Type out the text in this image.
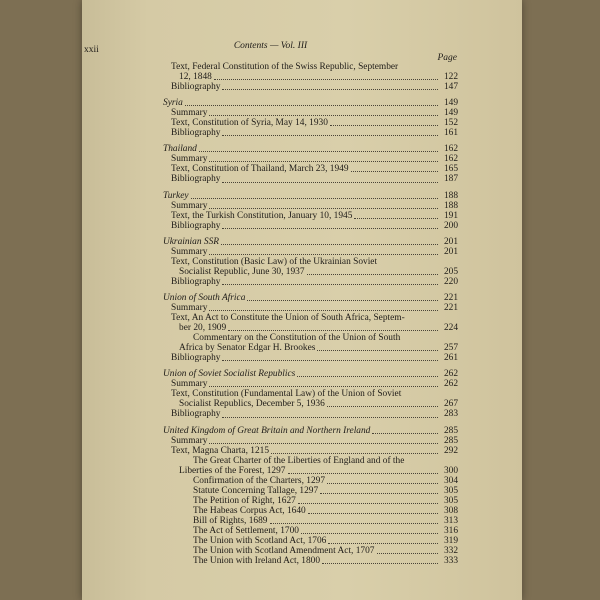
xxii	Contents — Vol. III
Page
Text, Federal Constitution of the Swiss Republic, September
12, 1848	122
Bibliography	147
Syria	149
Summary	149
Text, Constitution of Syria, May 14, 1930	152
Bibliography	161
Thailand	162
Summary	162
Text, Constitution of Thailand, March 23, 1949	165
Bibliography	187
Turkey	188
Summary	188
Text, the Turkish Constitution, January 10, 1945	191
Bibliography	200
Ukrainian SSR	201
Summary	201
Text, Constitution (Basic Law) of the Ukrainian Soviet
Socialist Republic, June 30, 1937	205
Bibliography	220
Union of South Africa	221
Summary	221
Text, An Act to Constitute the Union of South Africa, Septem-
ber 20, 1909	224
Commentary on the Constitution of the Union of South
Africa by Senator Edgar H. Brookes	257
Bibliography	261
Union of Soviet Socialist Republics	262
Summary	262
Text, Constitution (Fundamental Law) of the Union of Soviet
Socialist Republics, December 5, 1936	267
Bibliography	283
United Kingdom of Great Britain and Northern Ireland	285
Summary	285
Text, Magna Charta, 1215	292
The Great Charter of the Liberties of England and of the
Liberties of the Forest, 1297	300
Confirmation of the Charters, 1297	304
Statute Concerning Tallage, 1297	305
The Petition of Right, 1627	305
The Habeas Corpus Act, 1640	308
Bill of Rights, 1689	313
The Act of Settlement, 1700	316
The Union with Scotland Act, 1706	319
The Union with Scotland Amendment Act, 1707	332
The Union with Ireland Act, 1800	333
